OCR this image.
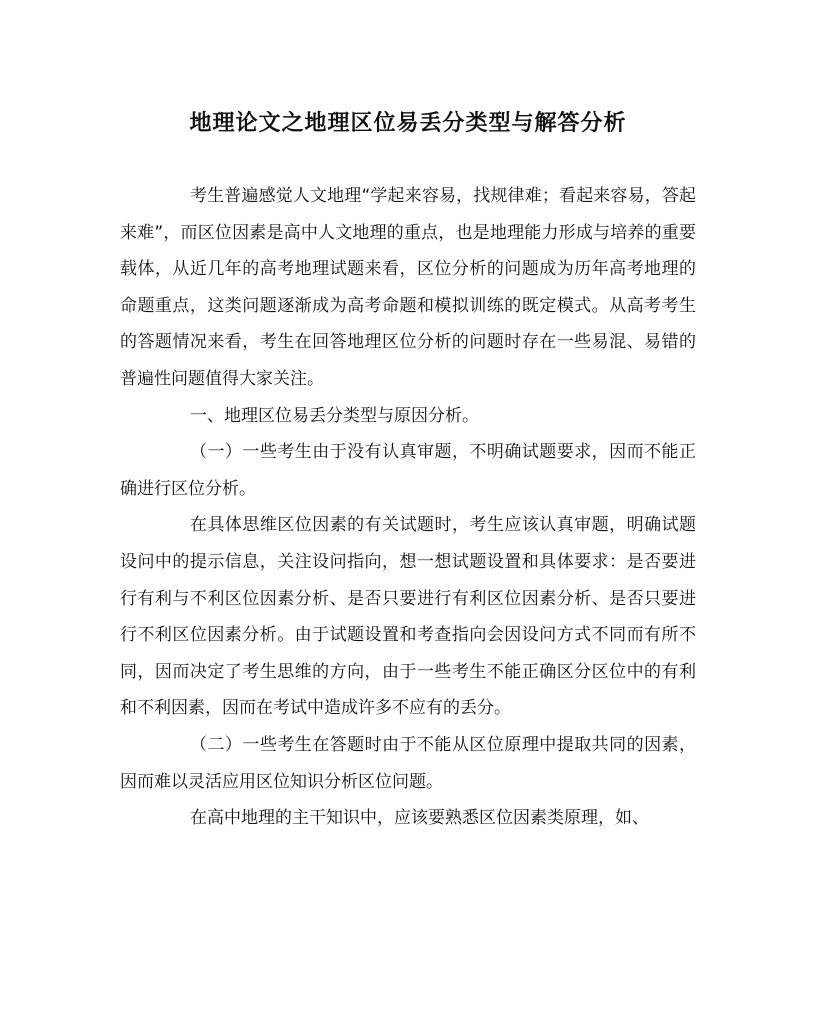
地理论文之地理区位易丢分类型与解答分析

考生普遍感觉人文地理“学起来容易，找规律难；看起来容易，答起来难”，而区位因素是高中人文地理的重点，也是地理能力形成与培养的重要载体，从近几年的高考地理试题来看，区位分析的问题成为历年高考地理的命题重点，这类问题逐渐成为高考命题和模拟训练的既定模式。从高考考生的答题情况来看，考生在回答地理区位分析的问题时存在一些易混、易错的普遍性问题值得大家关注。

一、地理区位易丢分类型与原因分析。

（一）一些考生由于没有认真审题，不明确试题要求，因而不能正确进行区位分析。

在具体思维区位因素的有关试题时，考生应该认真审题，明确试题设问中的提示信息，关注设问指向，想一想试题设置和具体要求：是否要进行有利与不利区位因素分析、是否只要进行有利区位因素分析、是否只要进行不利区位因素分析。由于试题设置和考查指向会因设问方式不同而有所不同，因而决定了考生思维的方向，由于一些考生不能正确区分区位中的有利和不利因素，因而在考试中造成许多不应有的丢分。

（二）一些考生在答题时由于不能从区位原理中提取共同的因素，因而难以灵活应用区位知识分析区位问题。

在高中地理的主干知识中，应该要熟悉区位因素类原理，如、
